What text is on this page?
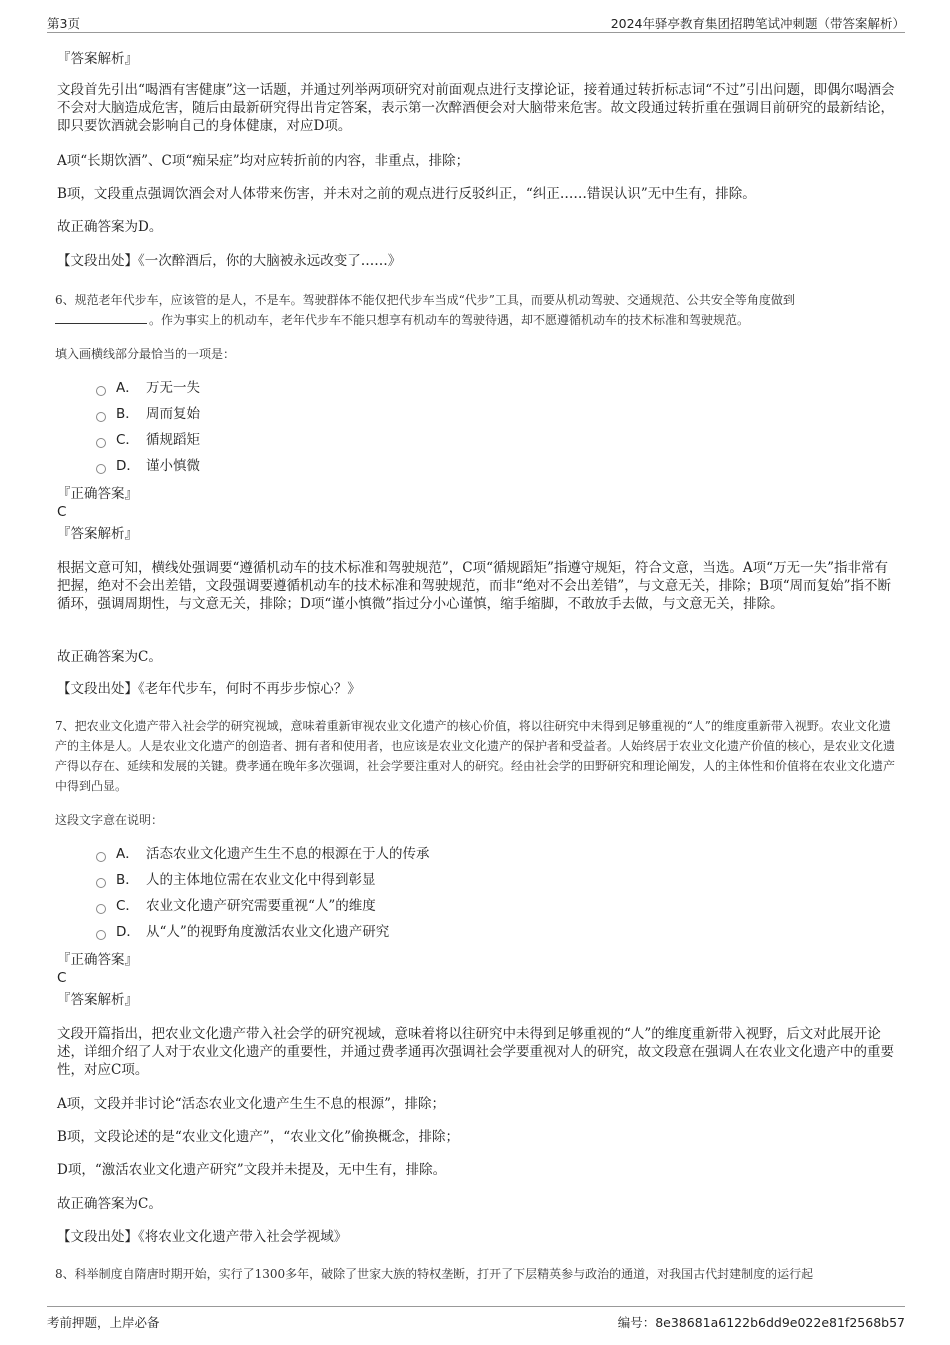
第3页	2024年驿亭教育集团招聘笔试冲刺题（带答案解析）
『答案解析』

文段首先引出“喝酒有害健康”这一话题，并通过列举两项研究对前面观点进行支撑论证，接着通过转折标志词“不过”引出问题，即偶尔喝酒会不会对大脑造成危害，随后由最新研究得出肯定答案，表示第一次醉酒便会对大脑带来危害。故文段通过转折重在强调目前研究的最新结论，即只要饮酒就会影响自己的身体健康，对应D项。

A项“长期饮酒”、C项“痴呆症”均对应转折前的内容，非重点，排除；

B项，文段重点强调饮酒会对人体带来伤害，并未对之前的观点进行反驳纠正，“纠正……错误认识”无中生有，排除。

故正确答案为D。

【文段出处】《一次醉酒后，你的大脑被永远改变了……》

6、规范老年代步车，应该管的是人，不是车。驾驶群体不能仅把代步车当成“代步”工具，而要从机动驾驶、交通规范、公共安全等角度做到
。作为事实上的机动车，老年代步车不能只想享有机动车的驾驶待遇，却不愿遵循机动车的技术标准和驾驶规范。

填入画横线部分最恰当的一项是：

A． 万无一失
B． 周而复始
C． 循规蹈矩
D． 谨小慎微
『正确答案』
C
『答案解析』

根据文意可知，横线处强调要“遵循机动车的技术标准和驾驶规范”，C项“循规蹈矩”指遵守规矩，符合文意，当选。A项“万无一失”指非常有把握，绝对不会出差错，文段强调要遵循机动车的技术标准和驾驶规范，而非“绝对不会出差错”，与文意无关，排除；B项“周而复始”指不断循环，强调周期性，与文意无关，排除；D项“谨小慎微”指过分小心谨慎，缩手缩脚，不敢放手去做，与文意无关，排除。

故正确答案为C。

【文段出处】《老年代步车，何时不再步步惊心？》

7、把农业文化遗产带入社会学的研究视域，意味着重新审视农业文化遗产的核心价值，将以往研究中未得到足够重视的“人”的维度重新带入视野。农业文化遗产的主体是人。人是农业文化遗产的创造者、拥有者和使用者，也应该是农业文化遗产的保护者和受益者。人始终居于农业文化遗产价值的核心，是农业文化遗产得以存在、延续和发展的关键。费孝通在晚年多次强调，社会学要注重对人的研究。经由社会学的田野研究和理论阐发，人的主体性和价值将在农业文化遗产中得到凸显。

这段文字意在说明：

A． 活态农业文化遗产生生不息的根源在于人的传承
B． 人的主体地位需在农业文化中得到彰显
C． 农业文化遗产研究需要重视“人”的维度
D． 从“人”的视野角度激活农业文化遗产研究
『正确答案』
C
『答案解析』

文段开篇指出，把农业文化遗产带入社会学的研究视域，意味着将以往研究中未得到足够重视的“人”的维度重新带入视野，后文对此展开论述，详细介绍了人对于农业文化遗产的重要性，并通过费孝通再次强调社会学要重视对人的研究，故文段意在强调人在农业文化遗产中的重要性，对应C项。

A项，文段并非讨论“活态农业文化遗产生生不息的根源”，排除；

B项，文段论述的是“农业文化遗产”，“农业文化”偷换概念，排除；

D项，“激活农业文化遗产研究”文段并未提及，无中生有，排除。

故正确答案为C。

【文段出处】《将农业文化遗产带入社会学视域》

8、科举制度自隋唐时期开始，实行了1300多年，破除了世家大族的特权垄断，打开了下层精英参与政治的通道，对我国古代封建制度的运行起

考前押题，上岸必备	编号：8e38681a6122b6dd9e022e81f2568b57
